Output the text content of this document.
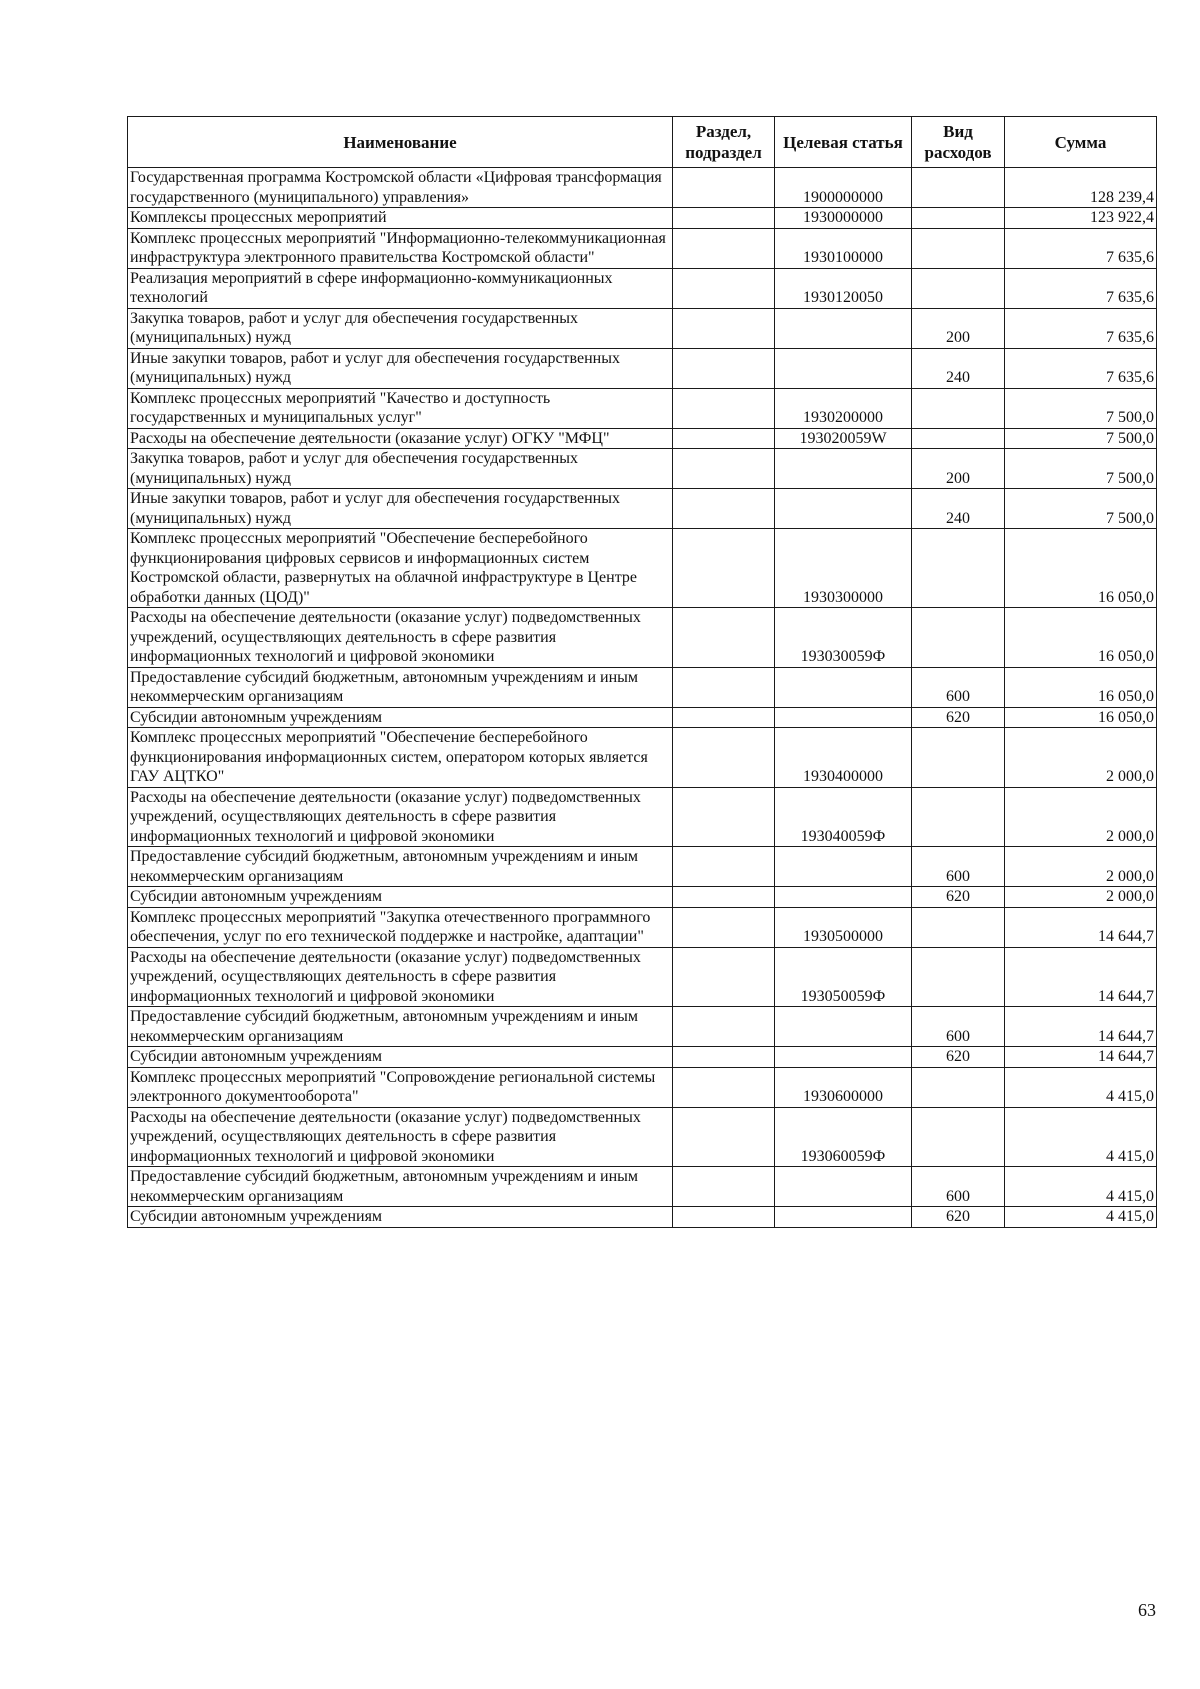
Наименование	Раздел, подраздел	Целевая статья	Вид расходов	Сумма
Государственная программа Костромской области «Цифровая трансформация государственного (муниципального) управления»		1900000000		128 239,4
Комплексы процессных мероприятий		1930000000		123 922,4
Комплекс процессных мероприятий "Информационно-телекоммуникационная инфраструктура электронного правительства Костромской области"		1930100000		7 635,6
Реализация мероприятий в сфере информационно-коммуникационных технологий		1930120050		7 635,6
Закупка товаров, работ и услуг для обеспечения государственных (муниципальных) нужд			200	7 635,6
Иные закупки товаров, работ и услуг для обеспечения государственных (муниципальных) нужд			240	7 635,6
Комплекс процессных мероприятий "Качество и доступность государственных и муниципальных услуг"		1930200000		7 500,0
Расходы на обеспечение деятельности (оказание услуг) ОГКУ "МФЦ"		193020059W		7 500,0
Закупка товаров, работ и услуг для обеспечения государственных (муниципальных) нужд			200	7 500,0
Иные закупки товаров, работ и услуг для обеспечения государственных (муниципальных) нужд			240	7 500,0
Комплекс процессных мероприятий "Обеспечение бесперебойного функционирования цифровых сервисов и информационных систем Костромской области, развернутых на облачной инфраструктуре в Центре обработки данных (ЦОД)"		1930300000		16 050,0
Расходы на обеспечение деятельности (оказание услуг) подведомственных учреждений, осуществляющих деятельность в сфере развития информационных технологий и цифровой экономики		193030059Ф		16 050,0
Предоставление субсидий бюджетным, автономным учреждениям и иным некоммерческим организациям			600	16 050,0
Субсидии автономным учреждениям			620	16 050,0
Комплекс процессных мероприятий "Обеспечение бесперебойного функционирования информационных систем, оператором которых является ГАУ АЦТКО"		1930400000		2 000,0
Расходы на обеспечение деятельности (оказание услуг) подведомственных учреждений, осуществляющих деятельность в сфере развития информационных технологий и цифровой экономики		193040059Ф		2 000,0
Предоставление субсидий бюджетным, автономным учреждениям и иным некоммерческим организациям			600	2 000,0
Субсидии автономным учреждениям			620	2 000,0
Комплекс процессных мероприятий "Закупка отечественного программного обеспечения, услуг по его технической поддержке и настройке, адаптации"		1930500000		14 644,7
Расходы на обеспечение деятельности (оказание услуг) подведомственных учреждений, осуществляющих деятельность в сфере развития информационных технологий и цифровой экономики		193050059Ф		14 644,7
Предоставление субсидий бюджетным, автономным учреждениям и иным некоммерческим организациям			600	14 644,7
Субсидии автономным учреждениям			620	14 644,7
Комплекс процессных мероприятий "Сопровождение региональной системы электронного документооборота"		1930600000		4 415,0
Расходы на обеспечение деятельности (оказание услуг) подведомственных учреждений, осуществляющих деятельность в сфере развития информационных технологий и цифровой экономики		193060059Ф		4 415,0
Предоставление субсидий бюджетным, автономным учреждениям и иным некоммерческим организациям			600	4 415,0
Субсидии автономным учреждениям			620	4 415,0
63
